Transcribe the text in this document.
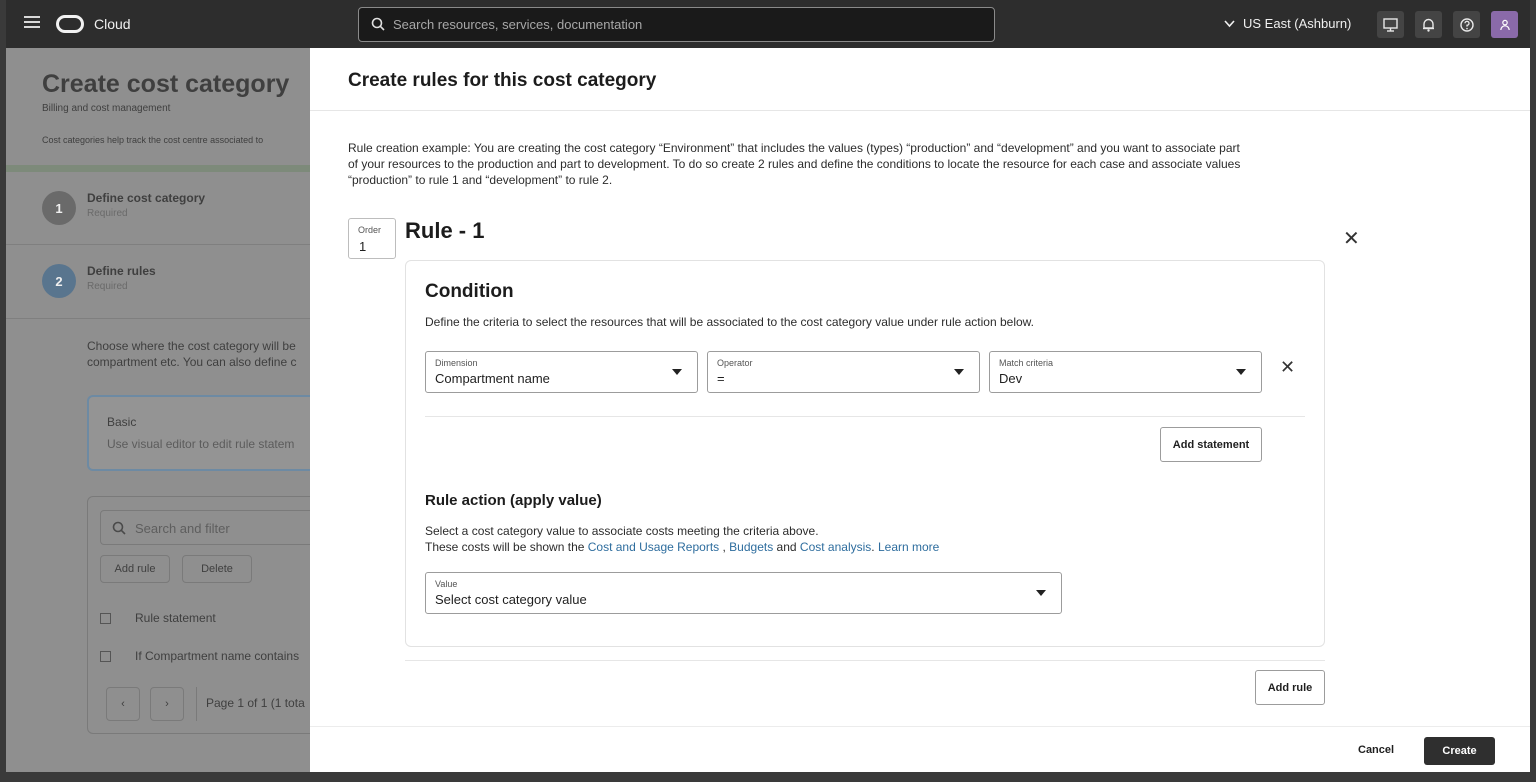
Cloud	Search resources, services, documentation	US East (Ashburn)
Create cost category
Billing and cost management
Cost categories help track the cost centre associated to
1
Define cost category
Required
2
Define rules
Required
Choose where the cost category will be
compartment etc. You can also define c
Basic
Use visual editor to edit rule statem
Search and filter
Add rule	Delete
Rule statement
If Compartment name contains
‹	›	Page 1 of 1 (1 tota
Create rules for this cost category
Rule creation example: You are creating the cost category “Environment” that includes the values (types) “production” and “development” and you want to associate part of your resources to the production and part to development. To do so create 2 rules and define the conditions to locate the resource for each case and associate values “production” to rule 1 and “development” to rule 2.
Order
1
Rule - 1	✕
Condition
Define the criteria to select the resources that will be associated to the cost category value under rule action below.
Dimension
Compartment name
Operator
=
Match criteria
Dev
✕
Add statement
Rule action (apply value)
Select a cost category value to associate costs meeting the criteria above.
These costs will be shown the Cost and Usage Reports , Budgets and Cost analysis. Learn more
Value
Select cost category value
Add rule
Cancel	Create
